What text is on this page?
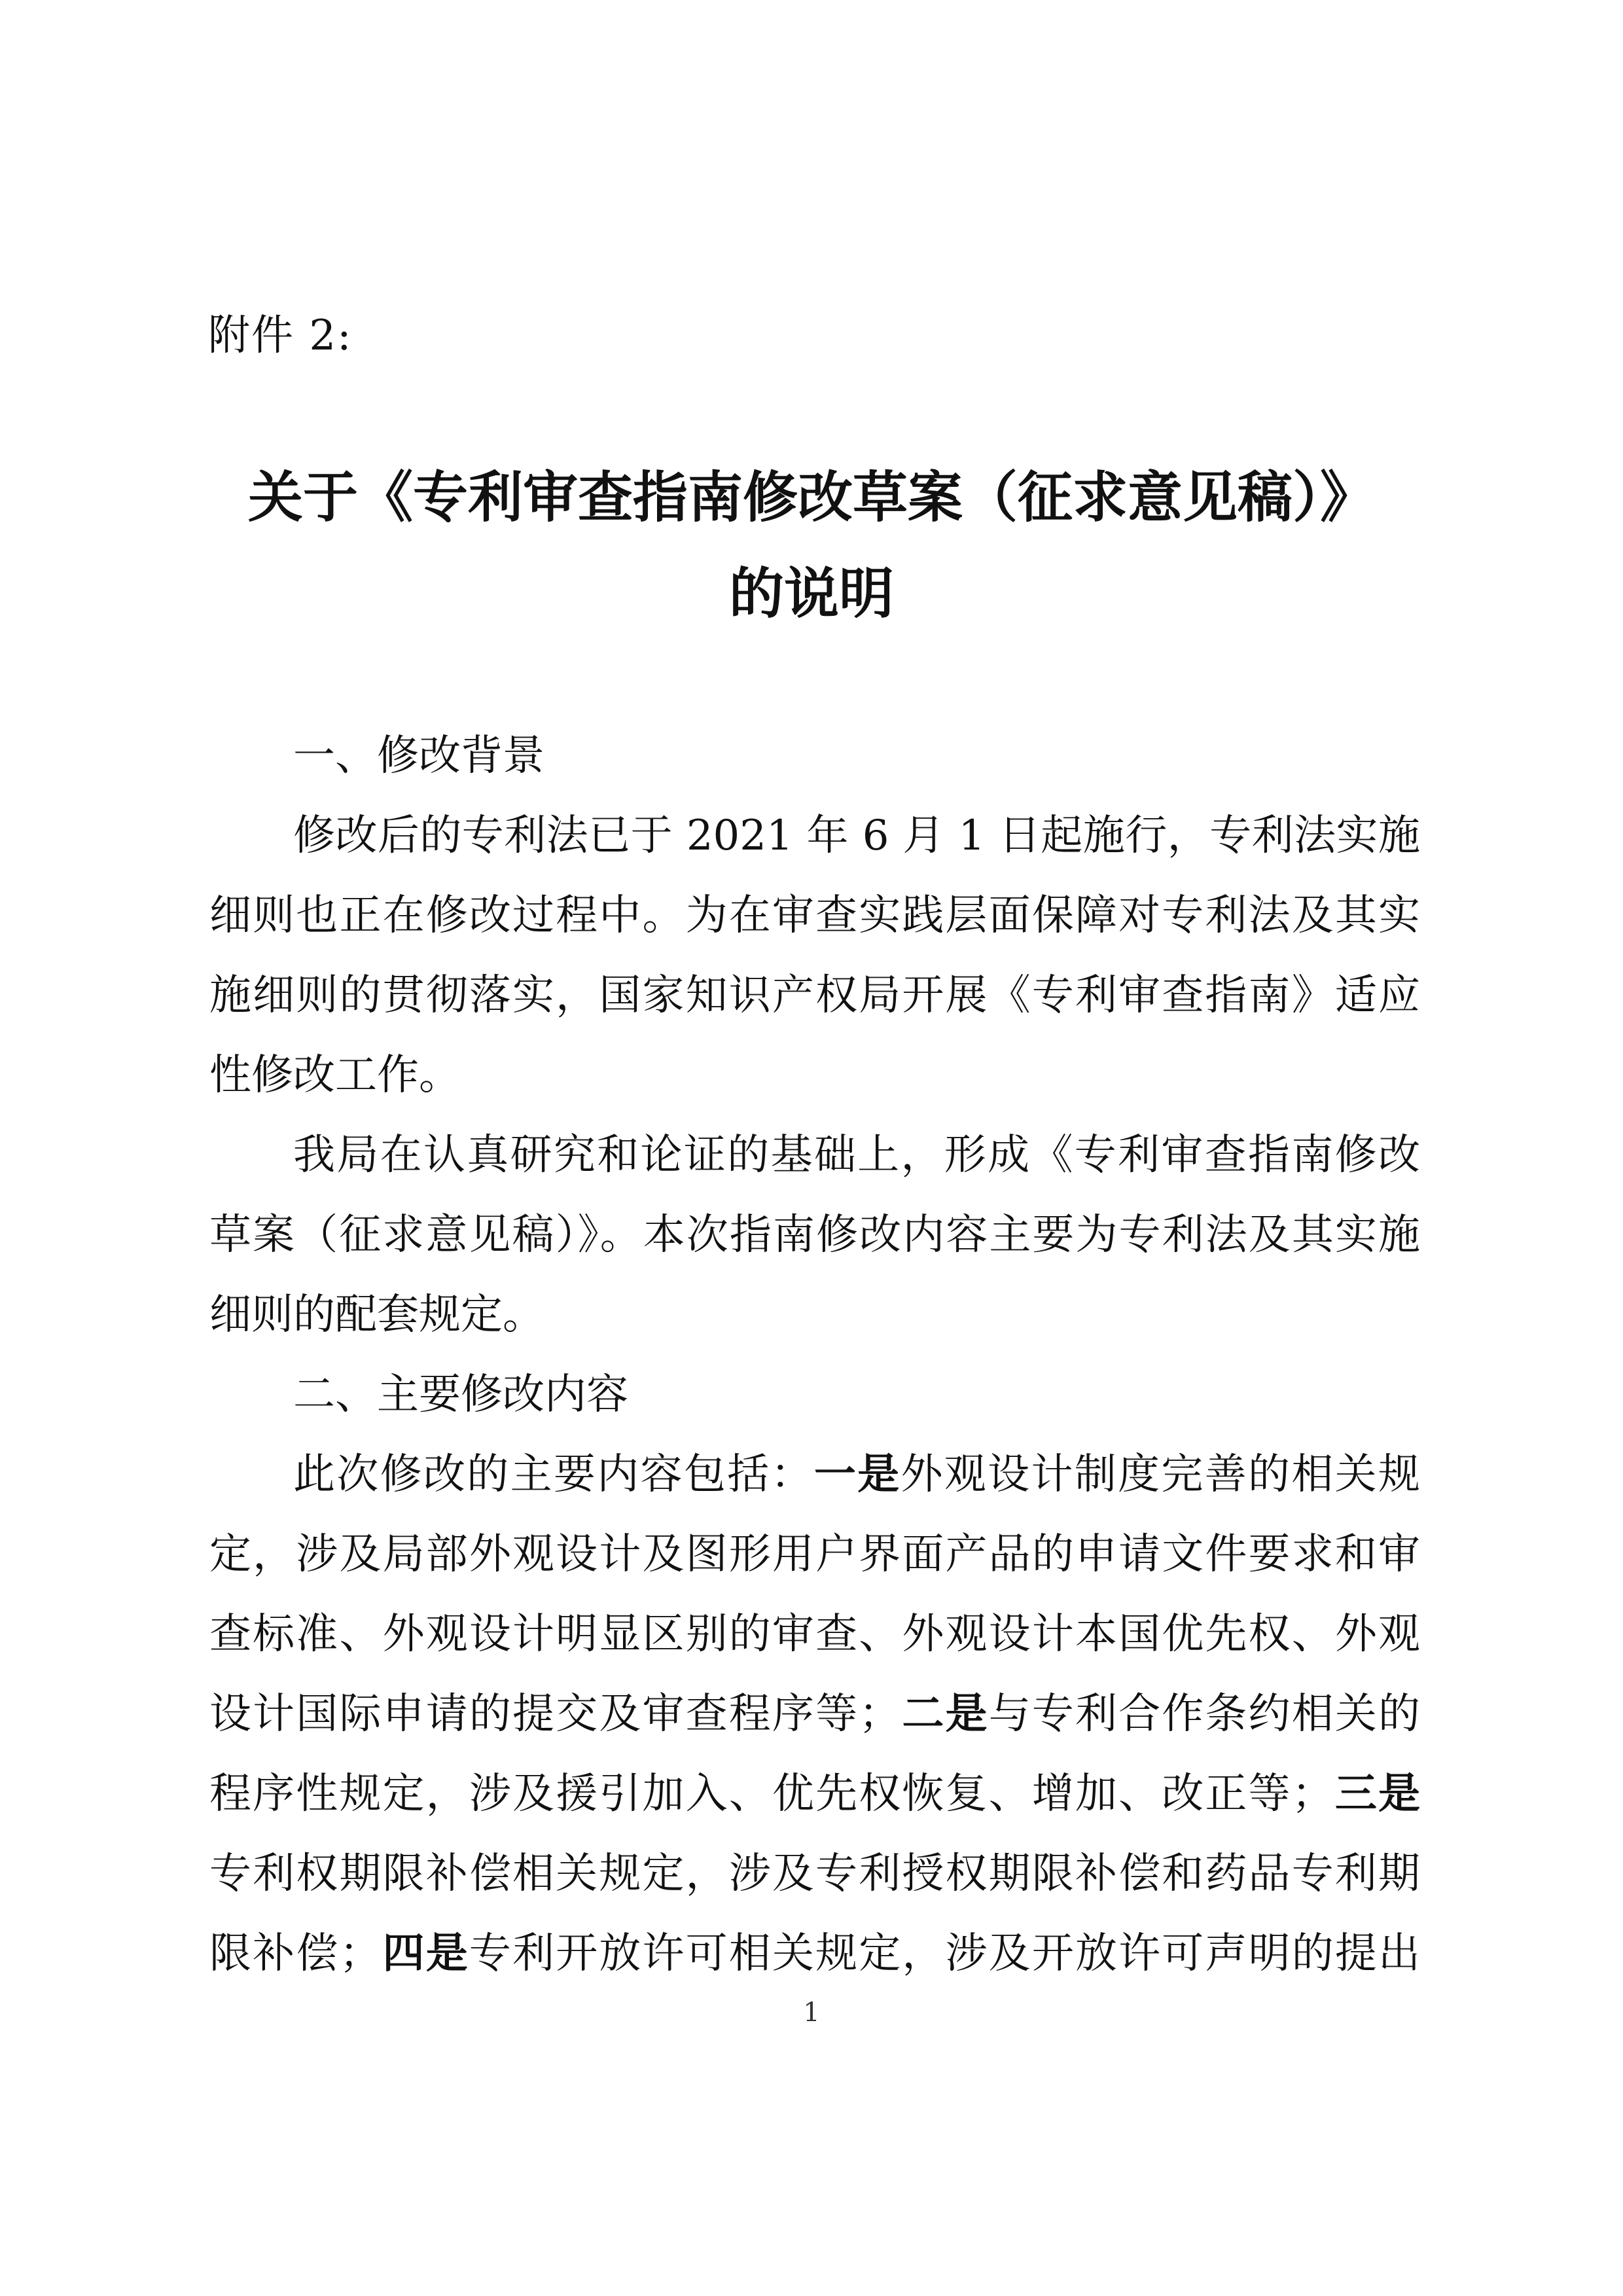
附件 2:
关于《专利审查指南修改草案（征求意见稿）》
的说明
一、修改背景
修改后的专利法已于 2021 年 6 月 1 日起施行，专利法实施
细则也正在修改过程中。为在审查实践层面保障对专利法及其实
施细则的贯彻落实，国家知识产权局开展《专利审查指南》适应
性修改工作。
我局在认真研究和论证的基础上，形成《专利审查指南修改
草案（征求意见稿）》。本次指南修改内容主要为专利法及其实施
细则的配套规定。
二、主要修改内容
此次修改的主要内容包括：一是外观设计制度完善的相关规
定，涉及局部外观设计及图形用户界面产品的申请文件要求和审
查标准、外观设计明显区别的审查、外观设计本国优先权、外观
设计国际申请的提交及审查程序等；二是与专利合作条约相关的
程序性规定，涉及援引加入、优先权恢复、增加、改正等；三是
专利权期限补偿相关规定，涉及专利授权期限补偿和药品专利期
限补偿；四是专利开放许可相关规定，涉及开放许可声明的提出
1
